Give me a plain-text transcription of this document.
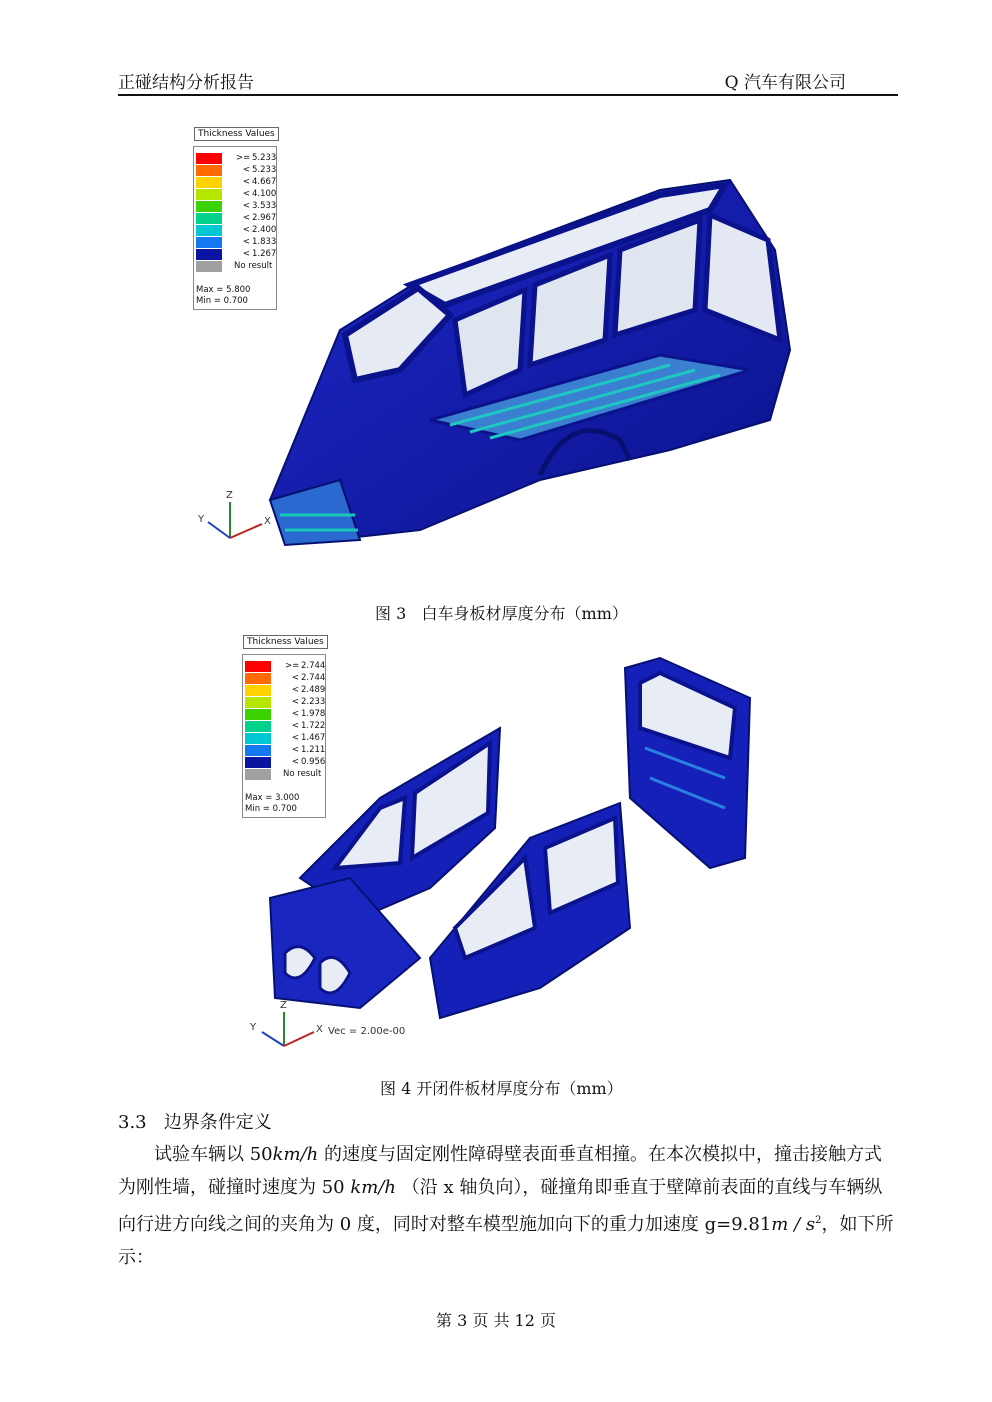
正碰结构分析报告	Q 汽车有限公司
Z
X
Y
Thickness Values
>= 5.233
< 5.233
< 4.667
< 4.100
< 3.533
< 2.967
< 2.400
< 1.833
< 1.267
No result
Max = 5.800
Min = 0.700
图 3 白车身板材厚度分布（mm）
Z
X
Y	Vec = 2.00e-00
Thickness Values
>= 2.744
< 2.744
< 2.489
< 2.233
< 1.978
< 1.722
< 1.467
< 1.211
< 0.956
No result
Max = 3.000
Min = 0.700
图 4 开闭件板材厚度分布（mm）
3.3 边界条件定义

试验车辆以 50km/h 的速度与固定刚性障碍壁表面垂直相撞。在本次模拟中，撞击接触方式为刚性墙，碰撞时速度为 50 km/h （沿 x 轴负向），碰撞角即垂直于壁障前表面的直线与车辆纵向行进方向线之间的夹角为 0 度，同时对整车模型施加向下的重力加速度 $g=9.81m / s^2$，如下所示：

第 3 页 共 12 页
